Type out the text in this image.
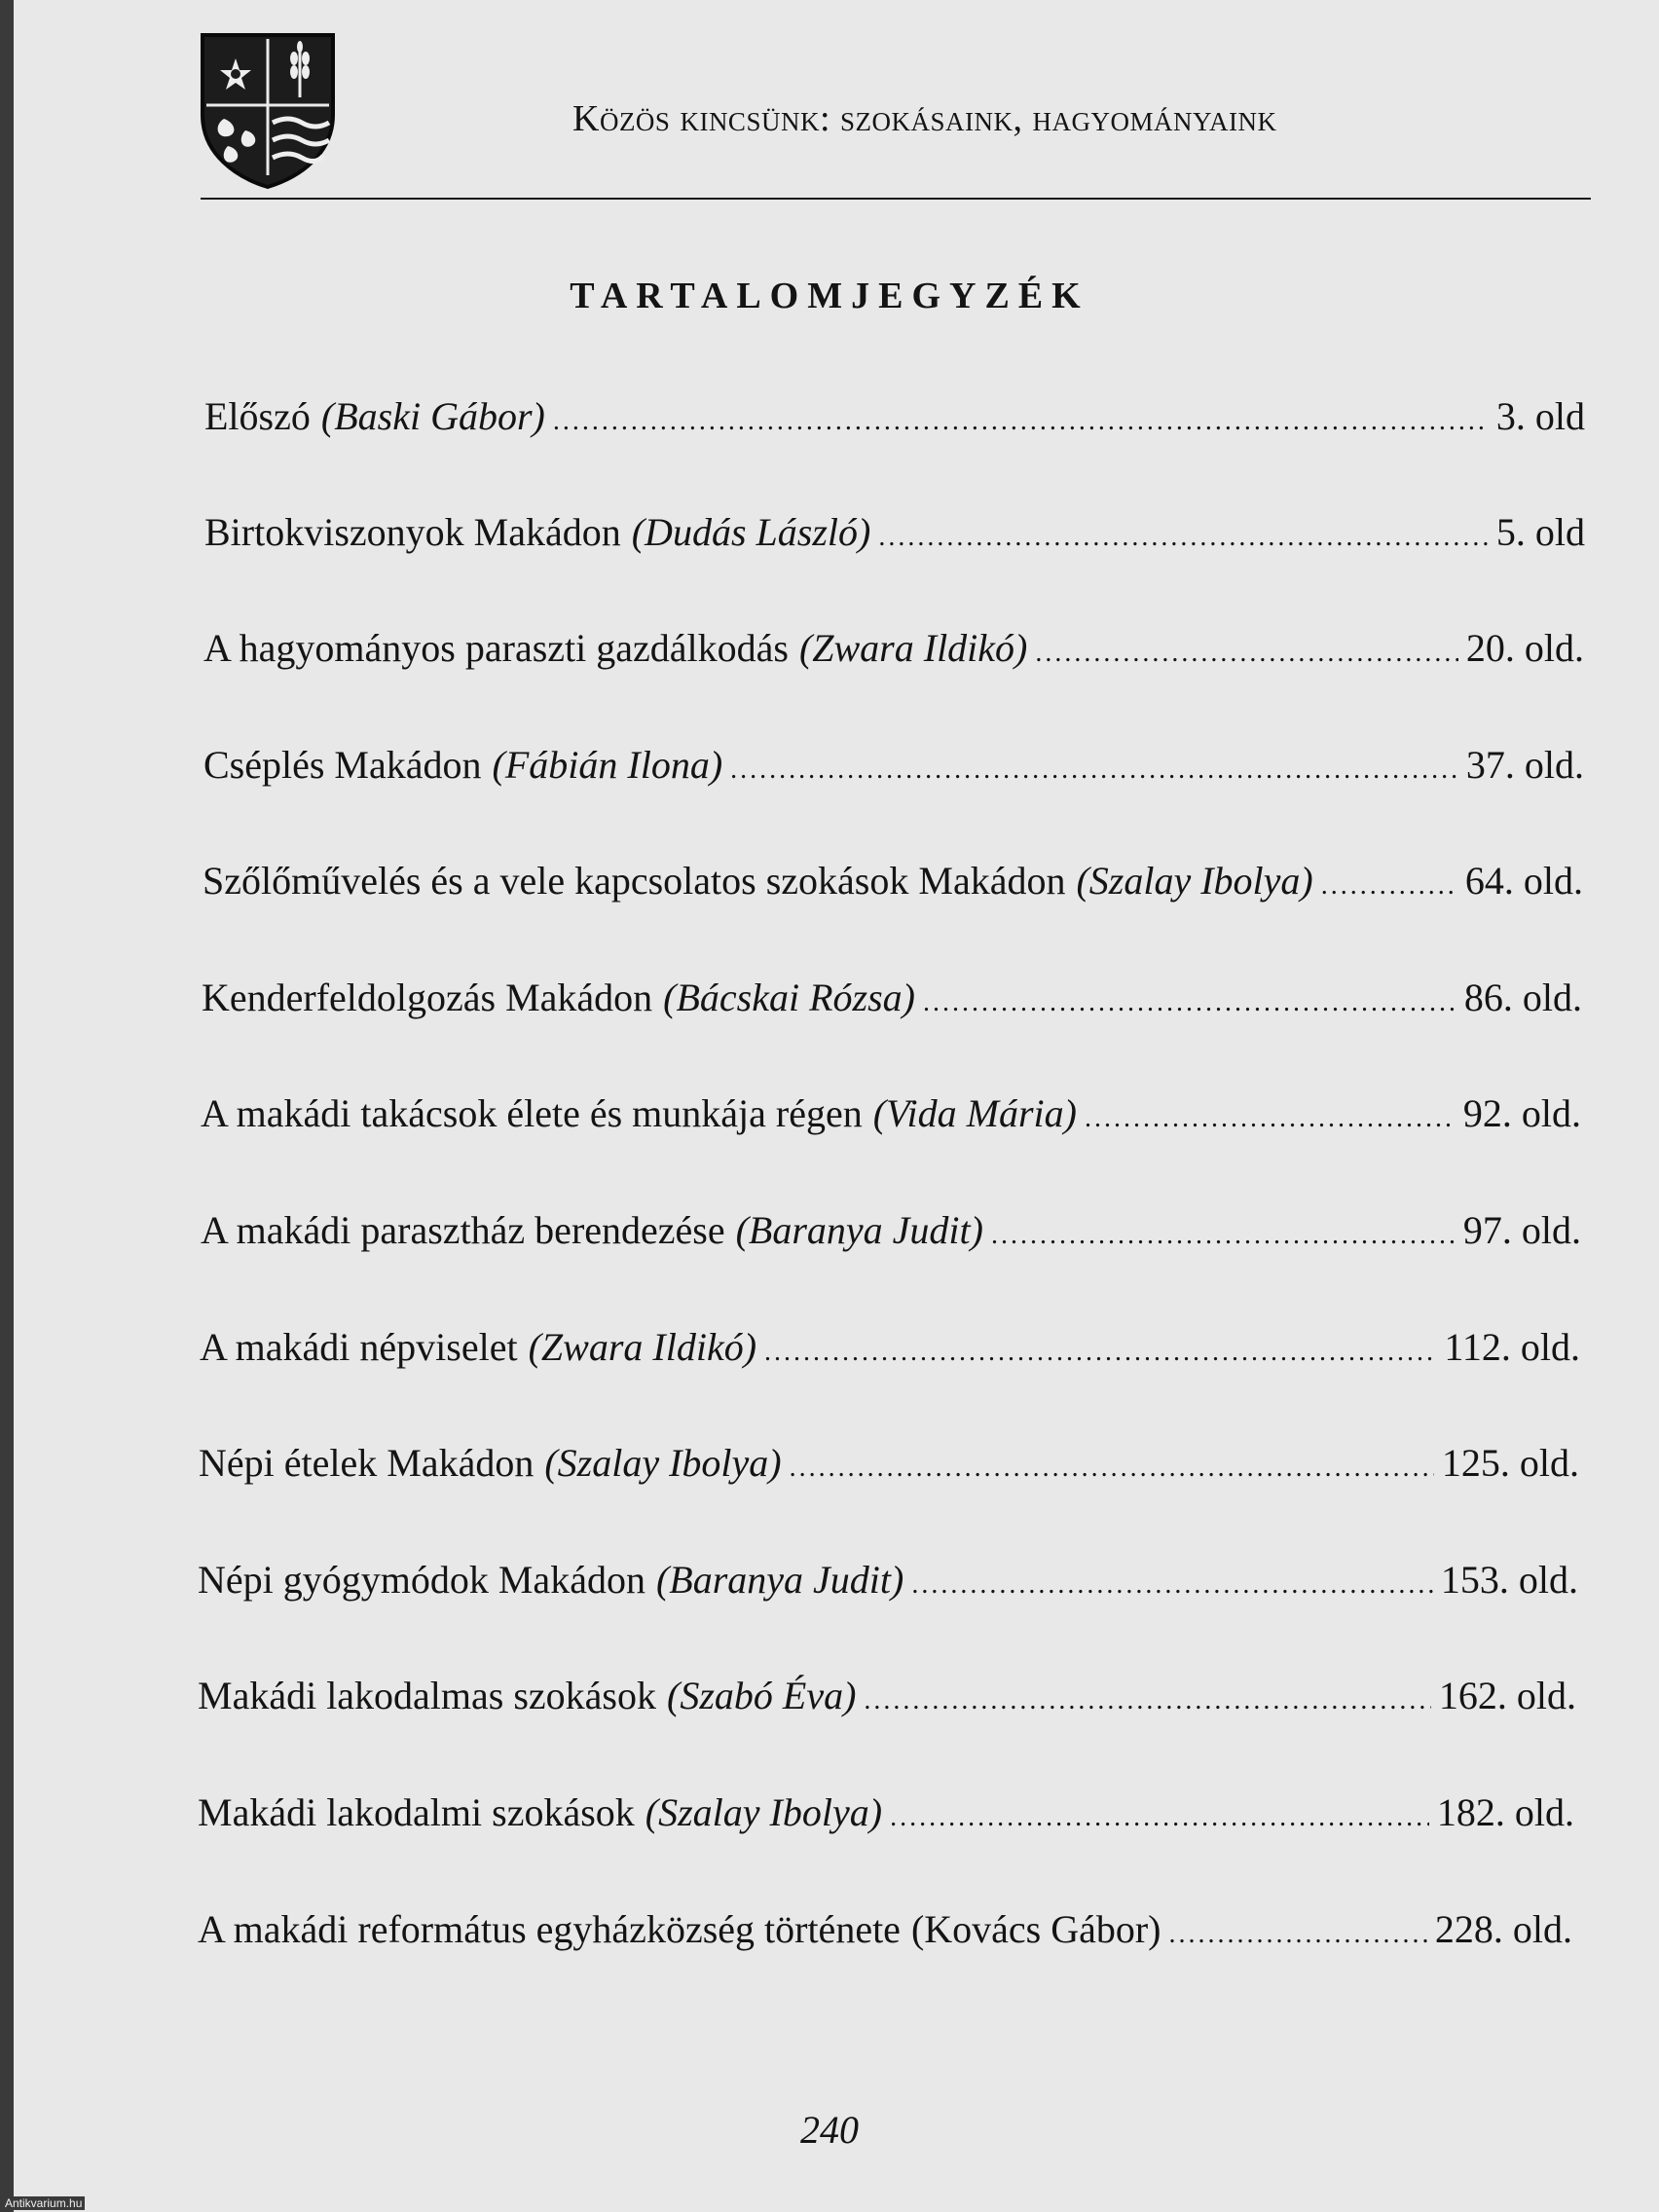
Közös kincsünk: szokásaink, hagyományaink
TARTALOMJEGYZÉK
Előszó (Baski Gábor) .....	3. old
Birtokviszonyok Makádon (Dudás László) .....	5. old
A hagyományos paraszti gazdálkodás (Zwara Ildikó) .....	20. old.
Cséplés Makádon (Fábián Ilona) .....	37. old.
Szőlőművelés és a vele kapcsolatos szokások Makádon (Szalay Ibolya) .....	64. old.
Kenderfeldolgozás Makádon (Bácskai Rózsa) .....	86. old.
A makádi takácsok élete és munkája régen (Vida Mária) .....	92. old.
A makádi parasztház berendezése (Baranya Judit) .....	97. old.
A makádi népviselet (Zwara Ildikó) .....	112. old.
Népi ételek Makádon (Szalay Ibolya) .....	125. old.
Népi gyógymódok Makádon (Baranya Judit) .....	153. old.
Makádi lakodalmas szokások (Szabó Éva) .....	162. old.
Makádi lakodalmi szokások (Szalay Ibolya) .....	182. old.
A makádi református egyházközség története (Kovács Gábor) .....	228. old.
240
Antikvarium.hu
